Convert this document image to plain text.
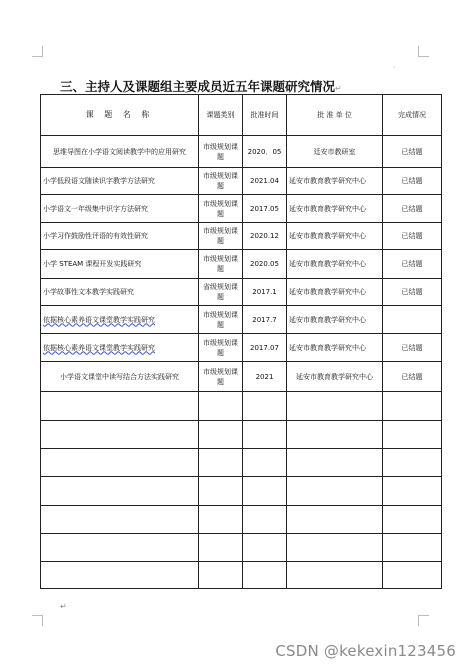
·
三、主持人及课题组主要成员近五年课题研究情况↵
课 题 名 称	课题类别	批准时间	批 准 单 位	完成情况
思维导图在小学语文阅读教学中的应用研究	市级规划课题	2020．05	廷安市教研室	已结题
小学低段语文随读识字教学方法研究	市级规划课题	2021.04	延安市教育教学研究中心	已结题
小学语文一年级集中识字方法研究	市级规划课题	2017.05	延安市教育教学研究中心	已结题
小学习作鼓励性评语的有效性研究	市级规划课题	2020.12	延安市教育教学研究中心	已结题
小学 STEAM 课程开发实践研究	市级规划课题	2020.05	延安市教育教学研究中心	已结题
小学故事性文本教学实践研究	省级规划课题	2017.1	延安市教育教学研究中心	已结题
依据核心素养语文课堂教学实践研究	市级规划课题	2017.7	延安市教育教学研究中心	
依据核心素养语文课堂教学实践研究	市级规划课题	2017.07	延安市教育教学研究中心	已结题
小学语文课堂中读写结合方法实践研究	市级规划课题	2021	延安市教育教学研究中心	已结题

↵
CSDN @kekexin123456
